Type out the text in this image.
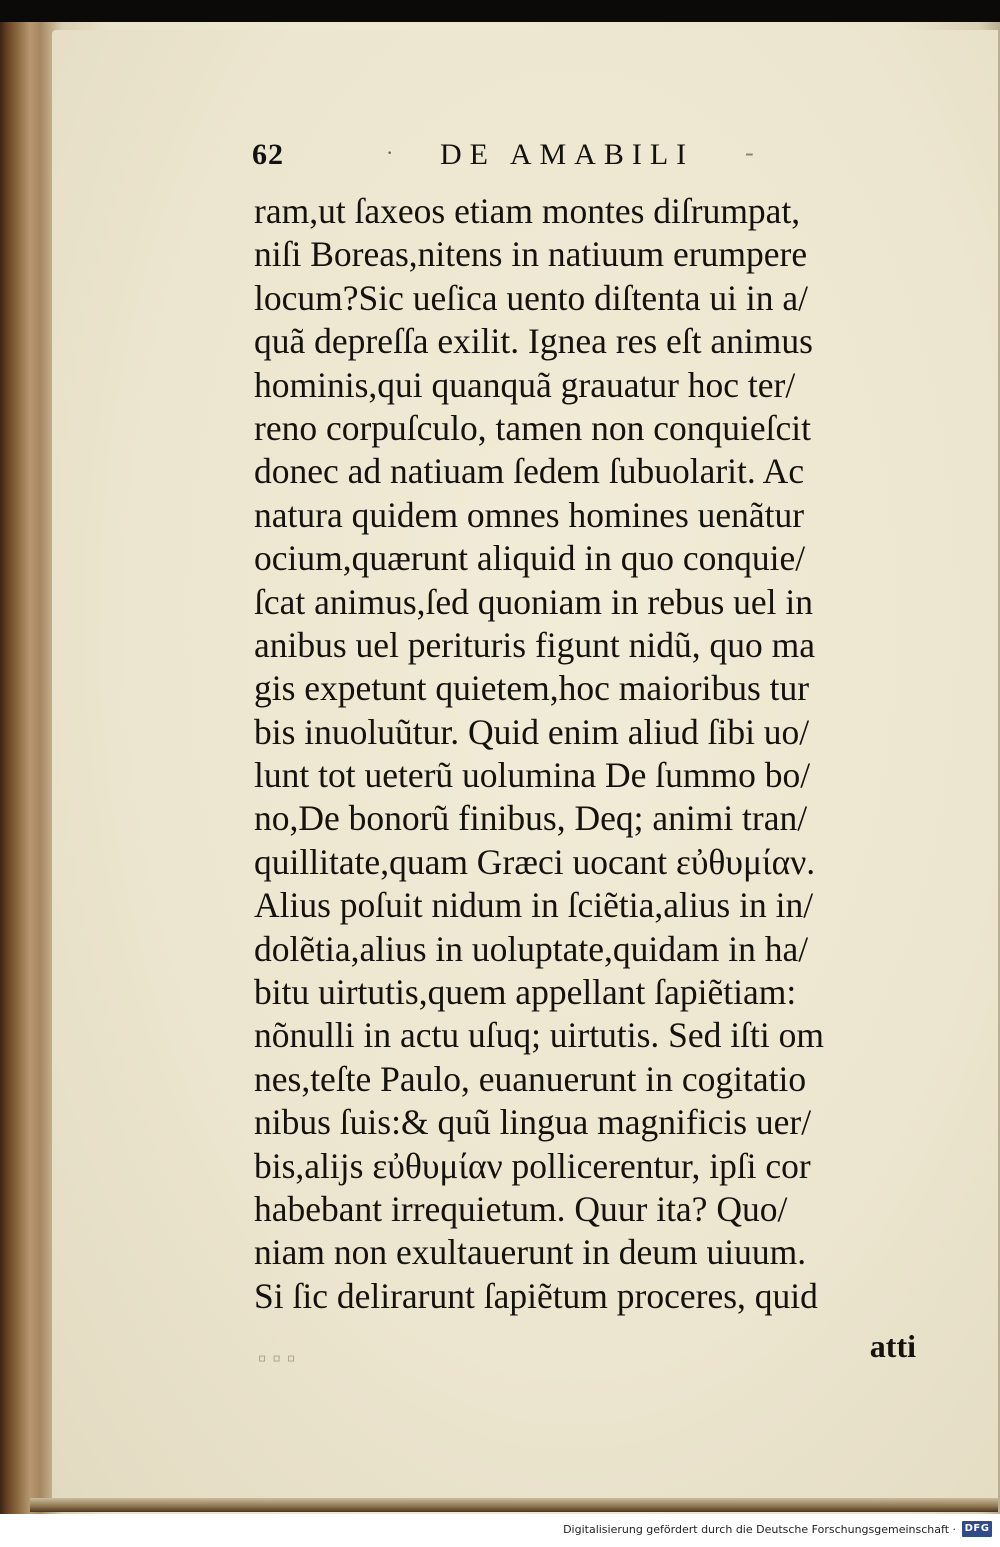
62	· DE AMABILI -
ram,ut ſaxeos etiam montes diſrumpat,
niſi Boreas,nitens in natiuum erumpere
locum?Sic ueſica uento diſtenta ui in a/
quã depreſſa exilit. Ignea res eſt animus
hominis,qui quanquã grauatur hoc ter/
reno corpuſculo, tamen non conquieſcit
donec ad natiuam ſedem ſubuolarit. Ac
natura quidem omnes homines uenãtur
ocium,quærunt aliquid in quo conquie/
ſcat animus,ſed quoniam in rebus uel in
anibus uel perituris figunt nidũ, quo ma
gis expetunt quietem,hoc maioribus tur
bis inuoluũtur. Quid enim aliud ſibi uo/
lunt tot ueterũ uolumina De ſummo bo/
no,De bonorũ finibus, Deq; animi tran/
quillitate,quam Græci uocant εὐθυμίαν.
Alius poſuit nidum in ſciẽtia,alius in in/
dolẽtia,alius in uoluptate,quidam in ha/
bitu uirtutis,quem appellant ſapiẽtiam:
nõnulli in actu uſuq; uirtutis. Sed iſti om
nes,teſte Paulo, euanuerunt in cogitatio
nibus ſuis:& quũ lingua magnificis uer/
bis,alijs εὐθυμίαν pollicerentur, ipſi cor
habebant irrequietum. Quur ita? Quo/
niam non exultauerunt in deum uiuum.
Si ſic delirarunt ſapiẽtum proceres, quid
▫▫▫	atti
Digitalisierung gefördert durch die Deutsche Forschungsgemeinschaft · DFG
